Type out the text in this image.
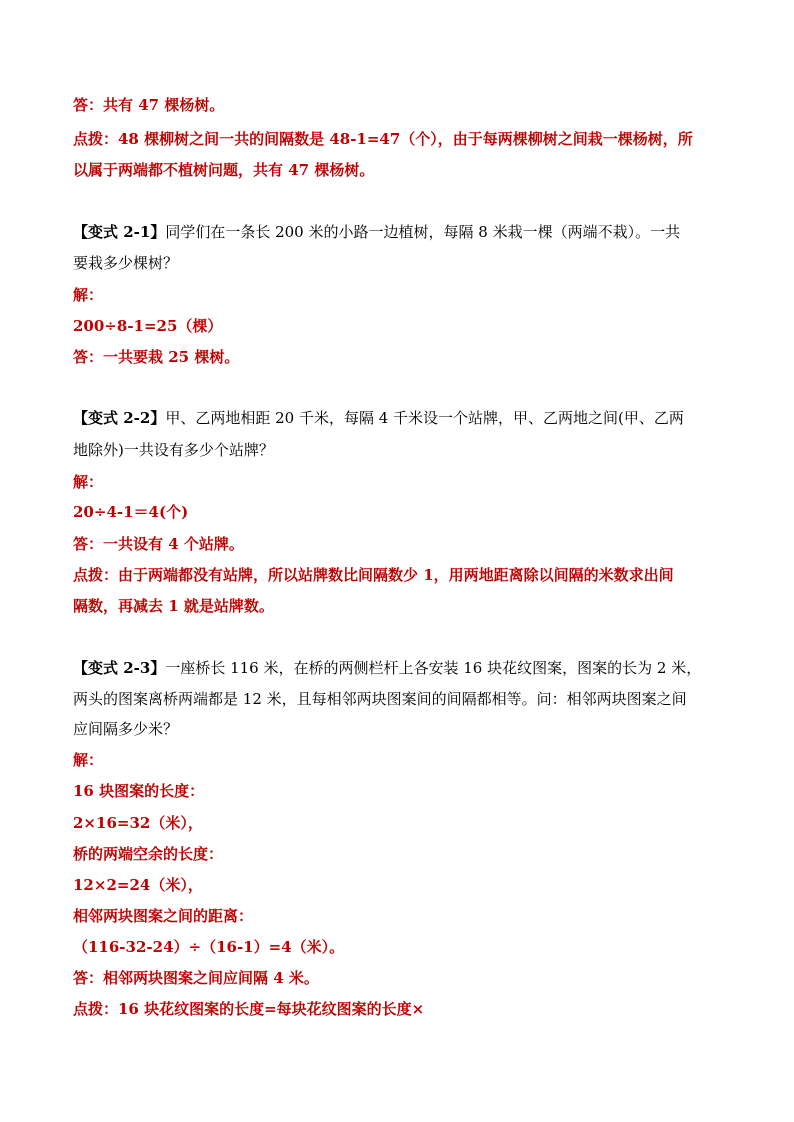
答：共有 47 棵杨树。
点拨：48 棵柳树之间一共的间隔数是 48-1=47（个），由于每两棵柳树之间栽一棵杨树，所
以属于两端都不植树问题，共有 47 棵杨树。
【变式 2-1】同学们在一条长 200 米的小路一边植树，每隔 8 米栽一棵（两端不栽）。一共
要栽多少棵树？
解：
200÷8-1=25（棵）
答：一共要栽 25 棵树。
【变式 2-2】甲、乙两地相距 20 千米，每隔 4 千米设一个站牌，甲、乙两地之间(甲、乙两
地除外)一共设有多少个站牌？
解：
20÷4-1＝4(个)
答：一共设有 4 个站牌。
点拨：由于两端都没有站牌，所以站牌数比间隔数少 1，用两地距离除以间隔的米数求出间
隔数，再减去 1 就是站牌数。
【变式 2-3】一座桥长 116 米，在桥的两侧栏杆上各安装 16 块花纹图案，图案的长为 2 米，
两头的图案离桥两端都是 12 米，且每相邻两块图案间的间隔都相等。问：相邻两块图案之间
应间隔多少米？
解：
16 块图案的长度：
2×16=32（米），
桥的两端空余的长度：
12×2=24（米），
相邻两块图案之间的距离：
（116-32-24）÷（16-1）=4（米）。
答：相邻两块图案之间应间隔 4 米。
点拨：16 块花纹图案的长度=每块花纹图案的长度×
